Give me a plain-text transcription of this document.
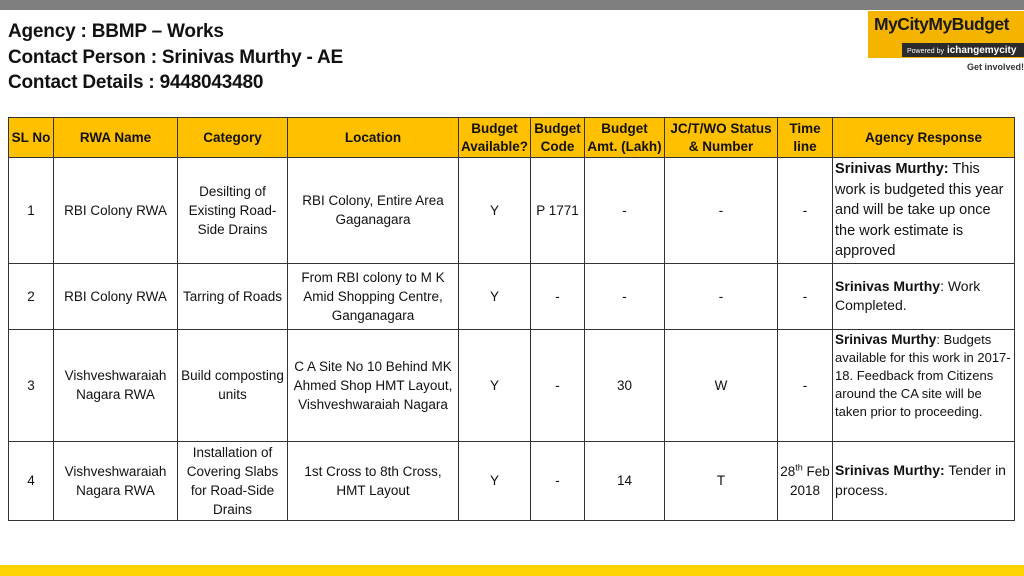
Agency : BBMP – Works
Contact Person : Srinivas Murthy - AE
Contact Details : 9448043480
MyCityMyBudget
Powered by ichangemycity
Get involved!
SL No	RWA Name	Category	Location	Budget Available?	Budget Code	Budget Amt. (Lakh)	JC/T/WO Status & Number	Time line	Agency Response
1	RBI Colony RWA	Desilting of Existing Road-Side Drains	RBI Colony, Entire Area Gaganagara	Y	P 1771	-	-	-	Srinivas Murthy: This work is budgeted this year and will be take up once the work estimate is approved
2	RBI Colony RWA	Tarring of Roads	From RBI colony to M K Amid Shopping Centre, Ganganagara	Y	-	-	-	-	Srinivas Murthy: Work Completed.
3	Vishveshwaraiah Nagara RWA	Build composting units	C A Site No 10 Behind MK Ahmed Shop HMT Layout, Vishveshwaraiah Nagara	Y	-	30	W	-	Srinivas Murthy: Budgets available for this work in 2017-18. Feedback from Citizens around the CA site will be taken prior to proceeding.
4	Vishveshwaraiah Nagara RWA	Installation of Covering Slabs for Road-Side Drains	1st Cross to 8th Cross, HMT Layout	Y	-	14	T	28th Feb 2018	Srinivas Murthy: Tender in process.
